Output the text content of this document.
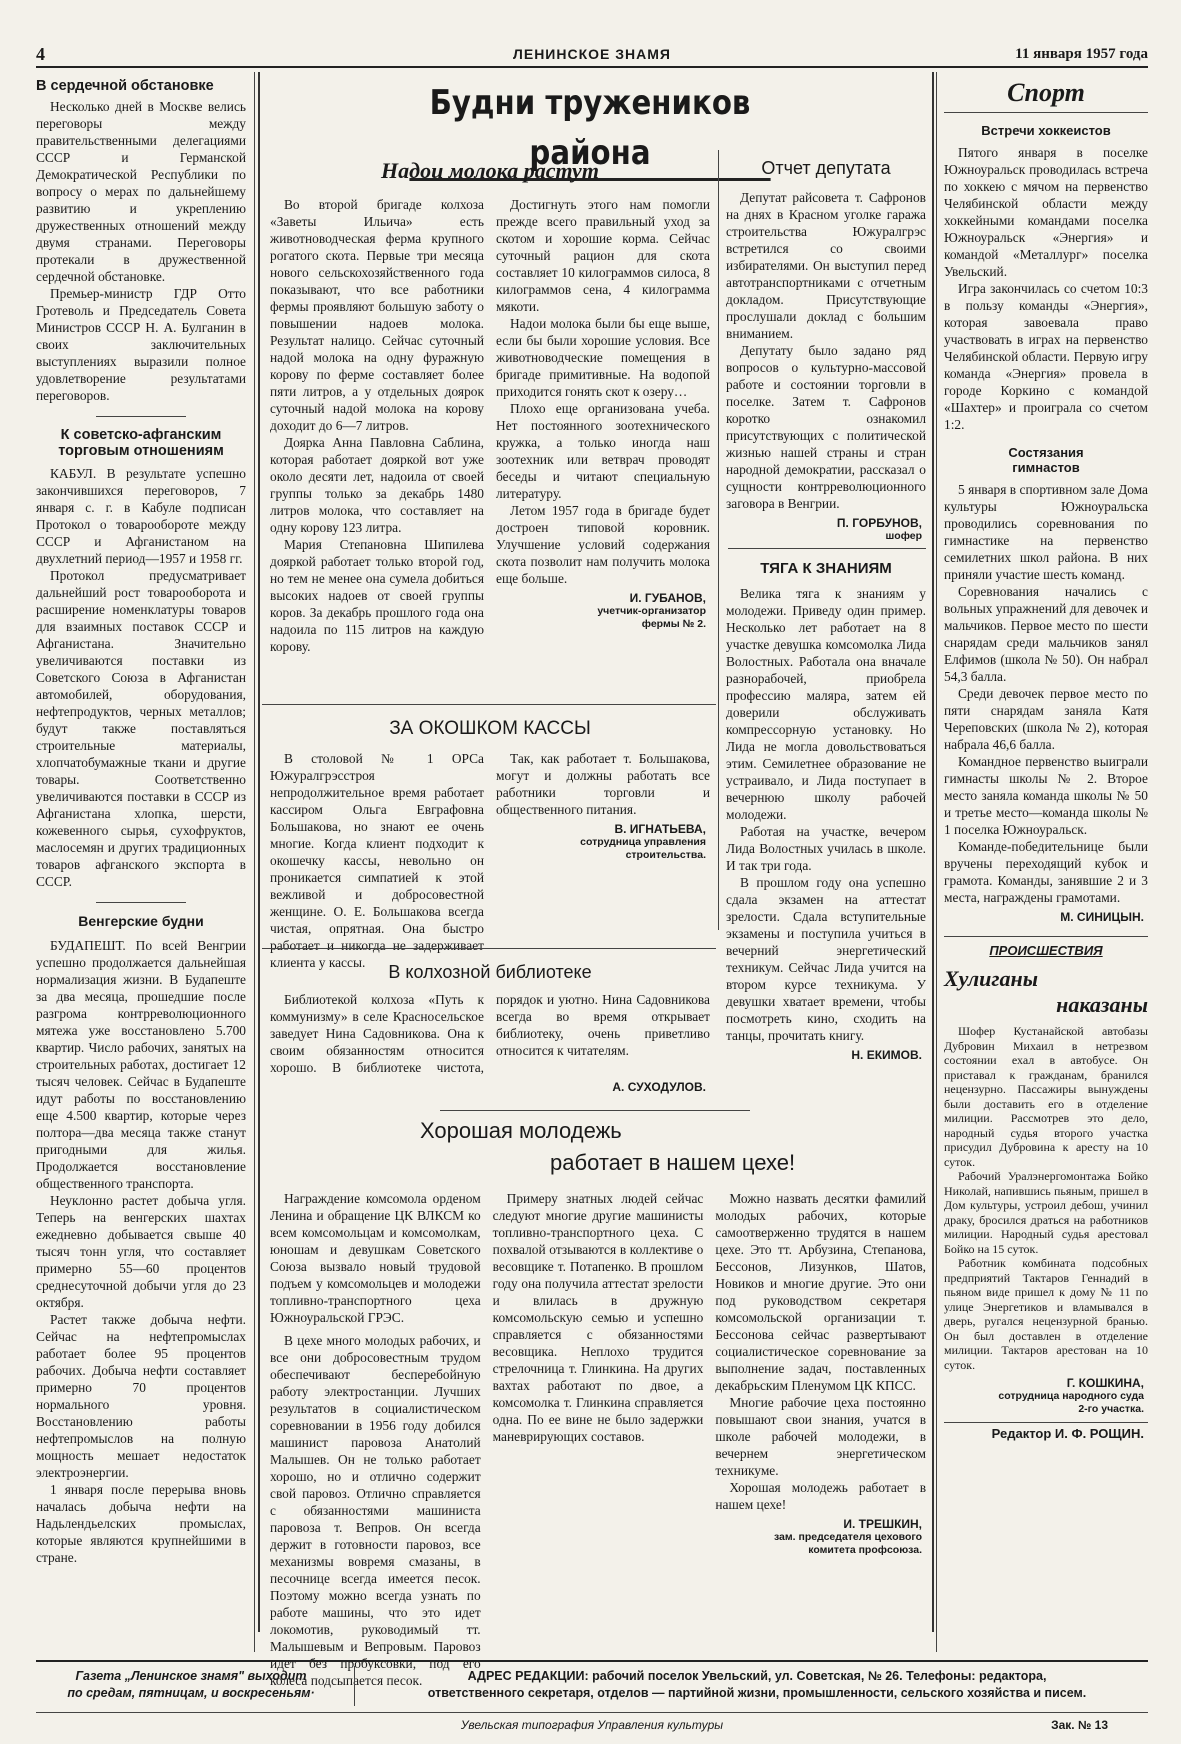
4	ЛЕНИНСКОЕ ЗНАМЯ	11 января 1957 года
В сердечной обстановке

Несколько дней в Москве велись переговоры между правительственными делегациями СССР и Германской Демократической Республики по вопросу о мерах по дальнейшему развитию и укреплению дружественных отношений между двумя странами. Переговоры протекали в дружественной сердечной обстановке.

Премьер-министр ГДР Отто Гротеволь и Председатель Совета Министров СССР Н. А. Булганин в своих заключительных выступлениях выразили полное удовлетворение результатами переговоров.

К советско-афганским
торговым отношениям

КАБУЛ. В результате успешно закончившихся переговоров, 7 января с. г. в Кабуле подписан Протокол о товарообороте между СССР и Афганистаном на двухлетний период—1957 и 1958 гг.

Протокол предусматривает дальнейший рост товарооборота и расширение номенклатуры товаров для взаимных поставок СССР и Афганистана. Значительно увеличиваются поставки из Советского Союза в Афганистан автомобилей, оборудования, нефтепродуктов, черных металлов; будут также поставляться строительные материалы, хлопчатобумажные ткани и другие товары. Соответственно увеличиваются поставки в СССР из Афганистана хлопка, шерсти, кожевенного сырья, сухофруктов, маслосемян и других традиционных товаров афганского экспорта в СССР.

Венгерские будни

БУДАПЕШТ. По всей Венгрии успешно продолжается дальнейшая нормализация жизни. В Будапеште за два месяца, прошедшие после разгрома контрреволюционного мятежа уже восстановлено 5.700 квартир. Число рабочих, занятых на строительных работах, достигает 12 тысяч человек. Сейчас в Будапеште идут работы по восстановлению еще 4.500 квартир, которые через полтора—два месяца также станут пригодными для жилья. Продолжается восстановление общественного транспорта.

Неуклонно растет добыча угля. Теперь на венгерских шахтах ежедневно добывается свыше 40 тысяч тонн угля, что составляет примерно 55—60 процентов среднесуточной добычи угля до 23 октября.

Растет также добыча нефти. Сейчас на нефтепромыслах работает более 95 процентов рабочих. Добыча нефти составляет примерно 70 процентов нормального уровня. Восстановлению работы нефтепромыслов на полную мощность мешает недостаток электроэнергии.

1 января после перерыва вновь началась добыча нефти на Надьлендьелских промыслах, которые являются крупнейшими в стране.

Будни тружеников района
Надои молока растут

Во второй бригаде колхоза «Заветы Ильича» есть животноводческая ферма крупного рогатого скота. Первые три месяца нового сельскохозяйственного года показывают, что все работники фермы проявляют большую заботу о повышении надоев молока. Результат налицо. Сейчас суточный надой молока на одну фуражную корову по ферме составляет более пяти литров, а у отдельных доярок суточный надой молока на корову доходит до 6—7 литров.

Доярка Анна Павловна Саблина, которая работает дояркой вот уже около десяти лет, надоила от своей группы только за декабрь 1480 литров молока, что составляет на одну корову 123 литра.

Мария Степановна Шипилева дояркой работает только второй год, но тем не менее она сумела добиться высоких надоев от своей группы коров. За декабрь прошлого года она надоила по 115 литров на каждую корову.

Достигнуть этого нам помогли прежде всего правильный уход за скотом и хорошие корма. Сейчас суточный рацион для скота составляет 10 килограммов силоса, 8 килограммов сена, 4 килограмма мякоти.

Надои молока были бы еще выше, если бы были хорошие условия. Все животноводческие помещения в бригаде примитивные. На водопой приходится гонять скот к озеру…

Плохо еще организована учеба. Нет постоянного зоотехнического кружка, а только иногда наш зоотехник или ветврач проводят беседы и читают специальную литературу.

Летом 1957 года в бригаде будет достроен типовой коровник. Улучшение условий содержания скота позволит нам получить молока еще больше.

И. ГУБАНОВ,
учетчик-организатор
фермы № 2.
ЗА ОКОШКОМ КАССЫ

В столовой № 1 ОРСа Южуралгрэсстроя непродолжительное время работает кассиром Ольга Евграфовна Большакова, но знают ее очень многие. Когда клиент подходит к окошечку кассы, невольно он проникается симпатией к этой вежливой и добросовестной женщине. О. Е. Большакова всегда чистая, опрятная. Она быстро работает и никогда не задерживает клиента у кассы.

Так, как работает т. Большакова, могут и должны работать все работники торговли и общественного питания.

В. ИГНАТЬЕВА,
сотрудница управления
строительства.
В колхозной библиотеке

Библиотекой колхоза «Путь к коммунизму» в селе Красносельское заведует Нина Садовникова. Она к своим обязанностям относится хорошо. В библиотеке чистота, порядок и уютно. Нина Садовникова всегда во время открывает библиотеку, очень приветливо относится к читателям.

А. СУХОДУЛОВ.
Отчет депутата

Депутат райсовета т. Сафронов на днях в Красном уголке гаража строительства Южуралгрэс встретился со своими избирателями. Он выступил перед автотранспортниками с отчетным докладом. Присутствующие прослушали доклад с большим вниманием.

Депутату было задано ряд вопросов о культурно-массовой работе и состоянии торговли в поселке. Затем т. Сафронов коротко ознакомил присутствующих с политической жизнью нашей страны и стран народной демократии, рассказал о сущности контрреволюционного заговора в Венгрии.

П. ГОРБУНОВ,
шофер
ТЯГА К ЗНАНИЯМ

Велика тяга к знаниям у молодежи. Приведу один пример. Несколько лет работает на 8 участке девушка комсомолка Лида Волостных. Работала она вначале разнорабочей, приобрела профессию маляра, затем ей доверили обслуживать компрессорную установку. Но Лида не могла довольствоваться этим. Семилетнее образование не устраивало, и Лида поступает в вечернюю школу рабочей молодежи.

Работая на участке, вечером Лида Волостных училась в школе. И так три года.

В прошлом году она успешно сдала экзамен на аттестат зрелости. Сдала вступительные экзамены и поступила учиться в вечерний энергетический техникум. Сейчас Лида учится на втором курсе техникума. У девушки хватает времени, чтобы посмотреть кино, сходить на танцы, прочитать книгу.

Н. ЕКИМОВ.
Хорошая молодежь
работает в нашем цехе!

Награждение комсомола орденом Ленина и обращение ЦК ВЛКСМ ко всем комсомольцам и комсомолкам, юношам и девушкам Советского Союза вызвало новый трудовой подъем у комсомольцев и молодежи топливно-транспортного цеха Южноуральской ГРЭС.

В цехе много молодых рабочих, и все они добросовестным трудом обеспечивают бесперебойную работу электростанции. Лучших результатов в социалистическом соревновании в 1956 году добился машинист паровоза Анатолий Малышев. Он не только работает хорошо, но и отлично содержит свой паровоз. Отлично справляется с обязанностями машиниста паровоза т. Вепров. Он всегда держит в готовности паровоз, все механизмы вовремя смазаны, в песочнице всегда имеется песок. Поэтому можно всегда узнать по работе машины, что это идет локомотив, руководимый тт. Малышевым и Вепровым. Паровоз идет без пробуксовки, под его колеса подсыпается песок.

Примеру знатных людей сейчас следуют многие другие машинисты топливно-транспортного цеха. С похвалой отзываются в коллективе о весовщике т. Потапенко. В прошлом году она получила аттестат зрелости и влилась в дружную комсомольскую семью и успешно справляется с обязанностями весовщика. Неплохо трудится стрелочница т. Глинкина. На других вахтах работают по двое, а комсомолка т. Глинкина справляется одна. По ее вине не было задержки маневрирующих составов.

Можно назвать десятки фамилий молодых рабочих, которые самоотверженно трудятся в нашем цехе. Это тт. Арбузина, Степанова, Бессонов, Лизунков, Шатов, Новиков и многие другие. Это они под руководством секретаря комсомольской организации т. Бессонова сейчас развертывают социалистическое соревнование за выполнение задач, поставленных декабрьским Пленумом ЦК КПСС.

Многие рабочие цеха постоянно повышают свои знания, учатся в школе рабочей молодежи, в вечернем энергетическом техникуме.

Хорошая молодежь работает в нашем цехе!

И. ТРЕШКИН,
зам. председателя цехового
комитета профсоюза.
Спорт
Встречи хоккеистов

Пятого января в поселке Южноуральск проводилась встреча по хоккею с мячом на первенство Челябинской области между хоккейными командами поселка Южноуральск «Энергия» и командой «Металлург» поселка Увельский.

Игра закончилась со счетом 10:3 в пользу команды «Энергия», которая завоевала право участвовать в играх на первенство Челябинской области. Первую игру команда «Энергия» провела в городе Коркино с командой «Шахтер» и проиграла со счетом 1:2.

Состязания
гимнастов

5 января в спортивном зале Дома культуры Южноуральска проводились соревнования по гимнастике на первенство семилетних школ района. В них приняли участие шесть команд.

Соревнования начались с вольных упражнений для девочек и мальчиков. Первое место по шести снарядам среди мальчиков занял Елфимов (школа № 50). Он набрал 54,3 балла.

Среди девочек первое место по пяти снарядам заняла Катя Череповских (школа № 2), которая набрала 46,6 балла.

Командное первенство выиграли гимнасты школы № 2. Второе место заняла команда школы № 50 и третье место—команда школы № 1 поселка Южноуральск.

Команде-победительнице были вручены переходящий кубок и грамота. Команды, занявшие 2 и 3 места, награждены грамотами.

М. СИНИЦЫН.
ПРОИСШЕСТВИЯ
Хулиганы
наказаны

Шофер Кустанайской автобазы Дубровин Михаил в нетрезвом состоянии ехал в автобусе. Он приставал к гражданам, бранился нецензурно. Пассажиры вынуждены были доставить его в отделение милиции. Рассмотрев это дело, народный судья второго участка присудил Дубровина к аресту на 10 суток.

Рабочий Уралэнергомонтажа Бойко Николай, напившись пьяным, пришел в Дом культуры, устроил дебош, учинил драку, бросился драться на работников милиции. Народный судья арестовал Бойко на 15 суток.

Работник комбината подсобных предприятий Тактаров Геннадий в пьяном виде пришел к дому № 11 по улице Энергетиков и вламывался в дверь, ругался нецензурной бранью. Он был доставлен в отделение милиции. Тактаров арестован на 10 суток.

Г. КОШКИНА,
сотрудница народного суда
2-го участка.
Редактор И. Ф. РОЩИН.
Газета „Ленинское знамя" выходит
по средам, пятницам, и воскресеньям·
АДРЕС РЕДАКЦИИ: рабочий поселок Увельский, ул. Советская, № 26. Телефоны: редактора,
ответственного секретаря, отделов — партийной жизни, промышленности, сельского хозяйства и писем.
Увельская типография Управления культуры	Зак. № 13
